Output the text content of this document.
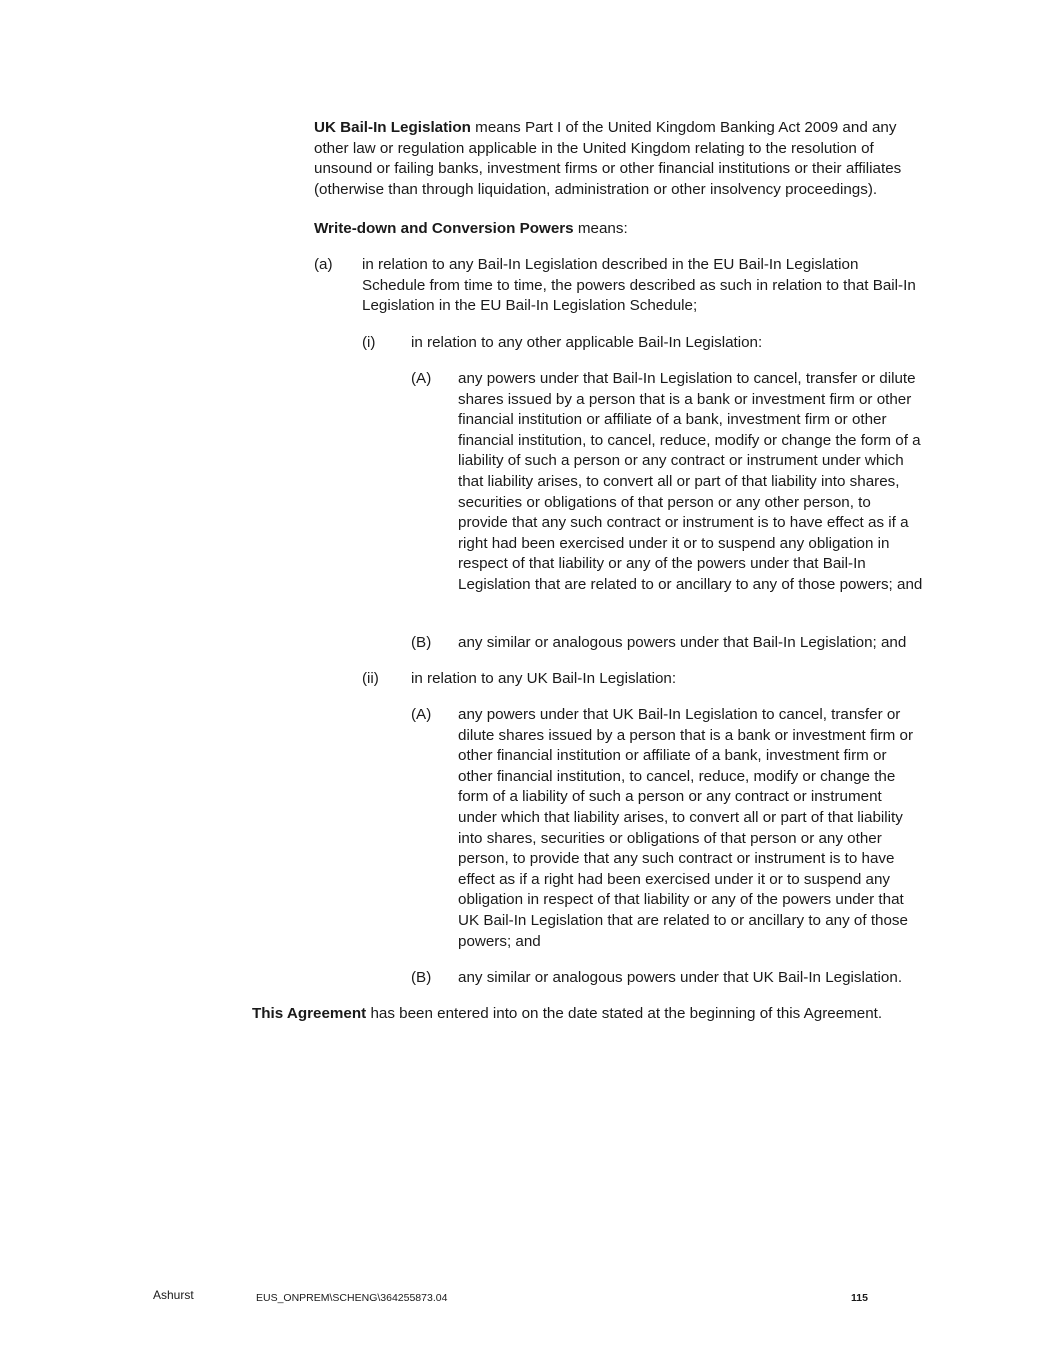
UK Bail-In Legislation means Part I of the United Kingdom Banking Act 2009 and any other law or regulation applicable in the United Kingdom relating to the resolution of unsound or failing banks, investment firms or other financial institutions or their affiliates (otherwise than through liquidation, administration or other insolvency proceedings).

Write-down and Conversion Powers means:

(a) in relation to any Bail-In Legislation described in the EU Bail-In Legislation Schedule from time to time, the powers described as such in relation to that Bail-In Legislation in the EU Bail-In Legislation Schedule;

(i) in relation to any other applicable Bail-In Legislation:

(A) any powers under that Bail-In Legislation to cancel, transfer or dilute shares issued by a person that is a bank or investment firm or other financial institution or affiliate of a bank, investment firm or other financial institution, to cancel, reduce, modify or change the form of a liability of such a person or any contract or instrument under which that liability arises, to convert all or part of that liability into shares, securities or obligations of that person or any other person, to provide that any such contract or instrument is to have effect as if a right had been exercised under it or to suspend any obligation in respect of that liability or any of the powers under that Bail-In Legislation that are related to or ancillary to any of those powers; and

(B) any similar or analogous powers under that Bail-In Legislation; and

(ii) in relation to any UK Bail-In Legislation:

(A) any powers under that UK Bail-In Legislation to cancel, transfer or dilute shares issued by a person that is a bank or investment firm or other financial institution or affiliate of a bank, investment firm or other financial institution, to cancel, reduce, modify or change the form of a liability of such a person or any contract or instrument under which that liability arises, to convert all or part of that liability into shares, securities or obligations of that person or any other person, to provide that any such contract or instrument is to have effect as if a right had been exercised under it or to suspend any obligation in respect of that liability or any of the powers under that UK Bail-In Legislation that are related to or ancillary to any of those powers; and

(B) any similar or analogous powers under that UK Bail-In Legislation.

This Agreement has been entered into on the date stated at the beginning of this Agreement.

Ashurst	EUS_ONPREM\SCHENG\364255873.04	115
